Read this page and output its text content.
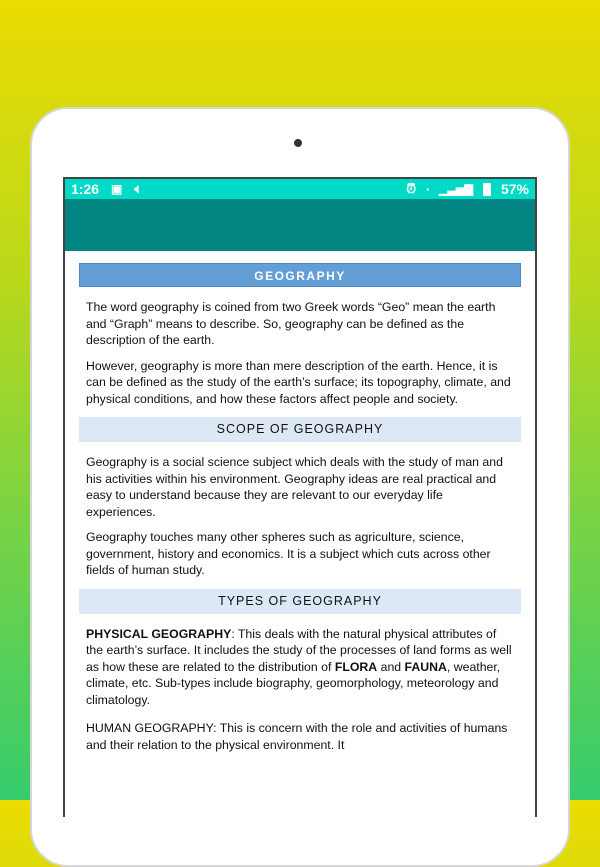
1:26 ▣ 🔈︎	⏰︎ ▪ ▁▃▅▇ 57%
GEOGRAPHY

The word geography is coined from two Greek words “Geo” mean the earth and “Graph” means to describe. So, geography can be defined as the description of the earth.

However, geography is more than mere description of the earth. Hence, it is can be defined as the study of the earth’s surface; its topography, climate, and physical conditions, and how these factors affect people and society.

SCOPE OF GEOGRAPHY

Geography is a social science subject which deals with the study of man and his activities within his environment. Geography ideas are real practical and easy to understand because they are relevant to our everyday life experiences.

Geography touches many other spheres such as agriculture, science, government, history and economics. It is a subject which cuts across other fields of human study.

TYPES OF GEOGRAPHY

PHYSICAL GEOGRAPHY: This deals with the natural physical attributes of the earth’s surface. It includes the study of the processes of land forms as well as how these are related to the distribution of FLORA and FAUNA, weather, climate, etc. Sub-types include biography, geomorphology, meteorology and climatology.

HUMAN GEOGRAPHY: This is concern with the role and activities of humans and their relation to the physical environment. It
